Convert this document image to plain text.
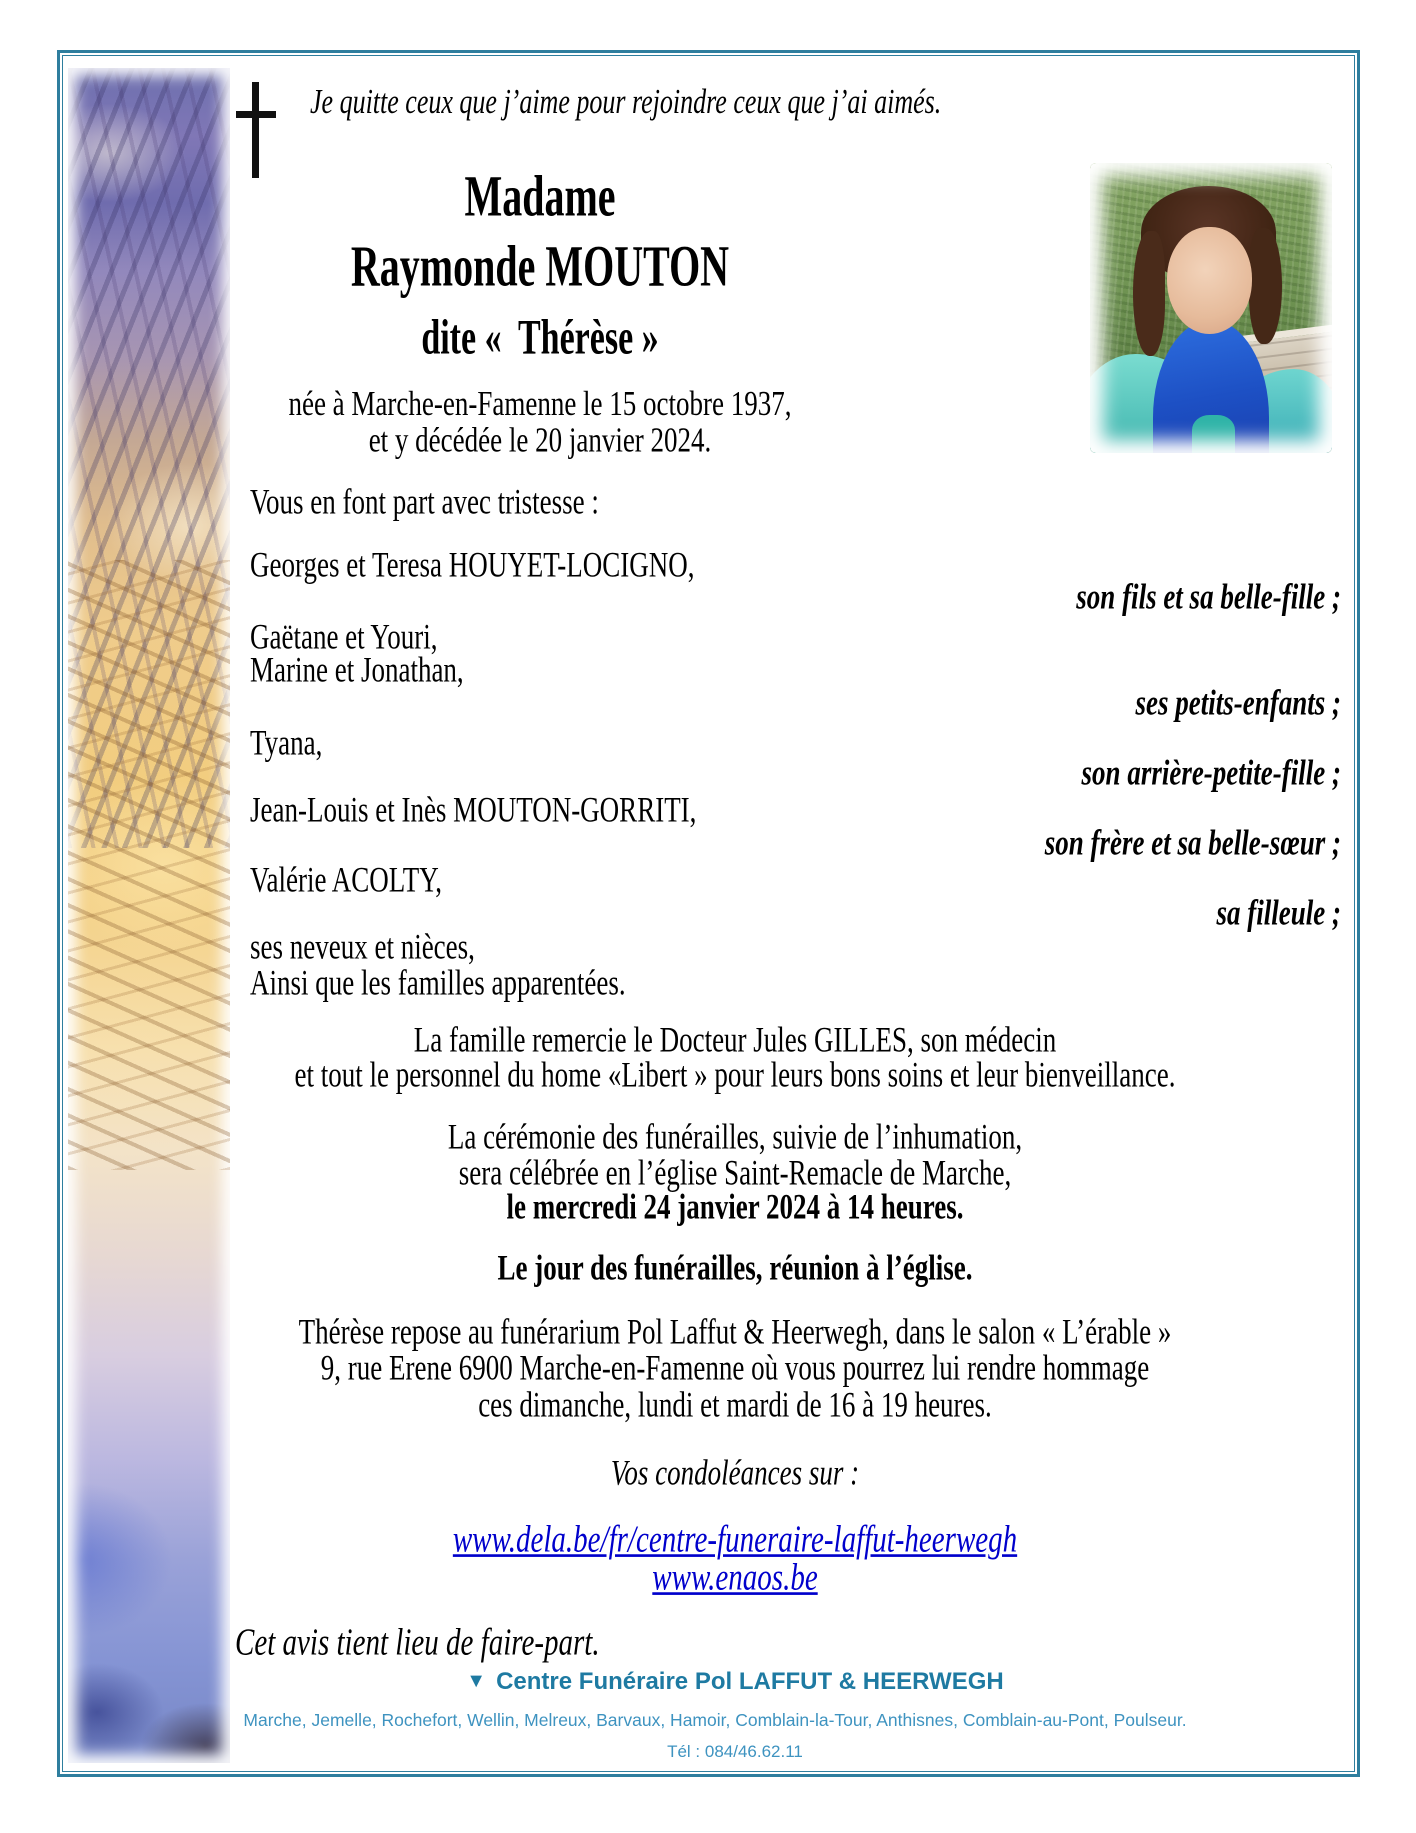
Je quitte ceux que j’aime pour rejoindre ceux que j’ai aimés.
Madame
Raymonde MOUTON
dite «  Thérèse »
née à Marche-en-Famenne le 15 octobre 1937,
et y décédée le 20 janvier 2024.
Vous en font part avec tristesse :
Georges et Teresa HOUYET-LOCIGNO,
son fils et sa belle-fille ;
Gaëtane et Youri,
Marine et Jonathan,
ses petits-enfants ;
Tyana,
son arrière-petite-fille ;
Jean-Louis et Inès MOUTON-GORRITI,
son frère et sa belle-sœur ;
Valérie ACOLTY,
sa filleule ;
ses neveux et nièces,
Ainsi que les familles apparentées.
La famille remercie le Docteur Jules GILLES, son médecin
et tout le personnel du home «Libert » pour leurs bons soins et leur bienveillance.
La cérémonie des funérailles, suivie de l’inhumation,
sera célébrée en l’église Saint-Remacle de Marche,
le mercredi 24 janvier 2024 à 14 heures.
Le jour des funérailles, réunion à l’église.
Thérèse repose au funérarium Pol Laffut & Heerwegh, dans le salon « L’érable »
9, rue Erene 6900 Marche-en-Famenne où vous pourrez lui rendre hommage
ces dimanche, lundi et mardi de 16 à 19 heures.
Vos condoléances sur :
www.dela.be/fr/centre-funeraire-laffut-heerwegh
www.enaos.be
Cet avis tient lieu de faire-part.
▼ Centre Funéraire Pol LAFFUT & HEERWEGH
Marche, Jemelle, Rochefort, Wellin, Melreux, Barvaux, Hamoir, Comblain-la-Tour, Anthisnes, Comblain-au-Pont, Poulseur.
Tél : 084/46.62.11
